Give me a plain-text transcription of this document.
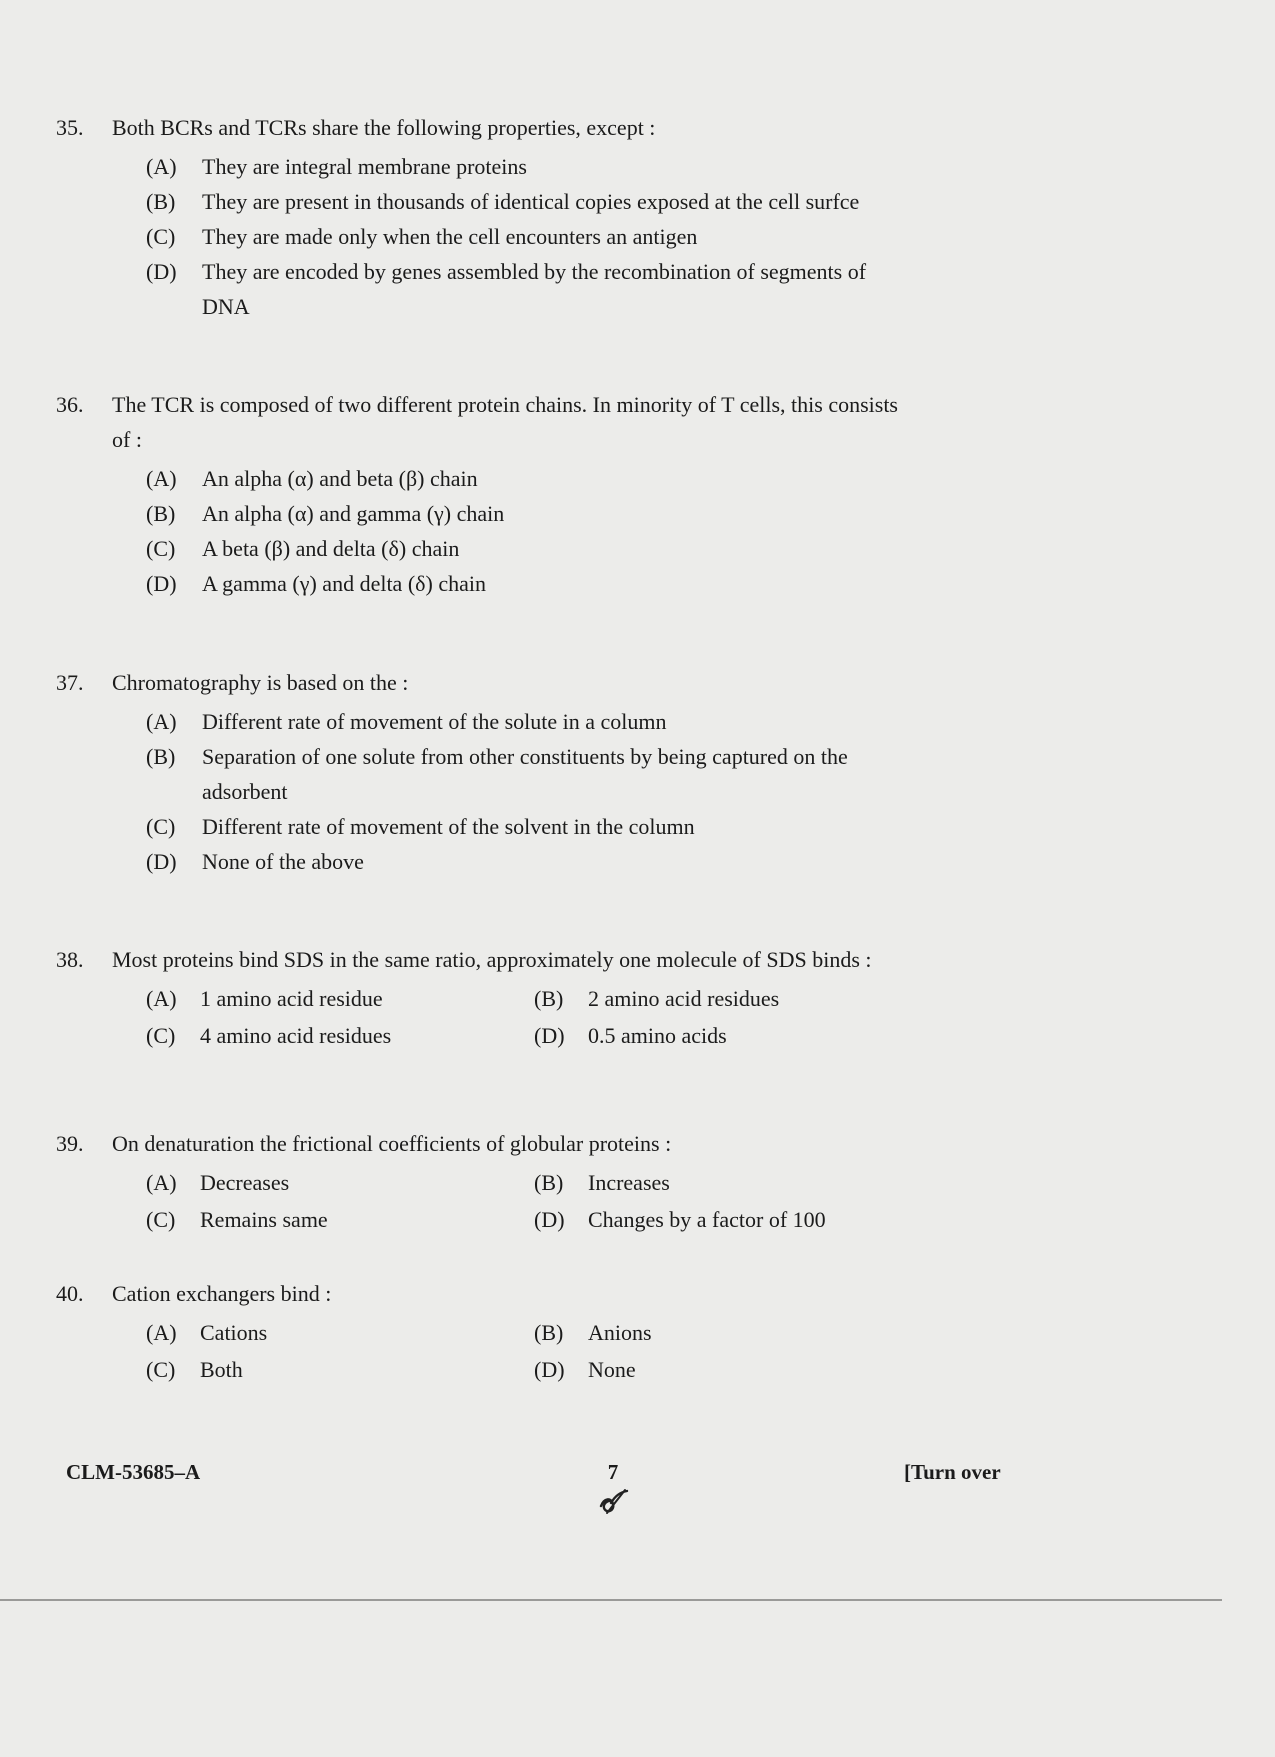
35. Both BCRs and TCRs share the following properties, except :
(A) They are integral membrane proteins
(B) They are present in thousands of identical copies exposed at the cell surfce
(C) They are made only when the cell encounters an antigen
(D) They are encoded by genes assembled by the recombination of segments of DNA
36. The TCR is composed of two different protein chains. In minority of T cells, this consists of :
(A) An alpha (α) and beta (β) chain
(B) An alpha (α) and gamma (γ) chain
(C) A beta (β) and delta (δ) chain
(D) A gamma (γ) and delta (δ) chain
37. Chromatography is based on the :
(A) Different rate of movement of the solute in a column
(B) Separation of one solute from other constituents by being captured on the adsorbent
(C) Different rate of movement of the solvent in the column
(D) None of the above
38. Most proteins bind SDS in the same ratio, approximately one molecule of SDS binds :
(A) 1 amino acid residue	(B) 2 amino acid residues
(C) 4 amino acid residues	(D) 0.5 amino acids
39. On denaturation the frictional coefficients of globular proteins :
(A) Decreases	(B) Increases
(C) Remains same	(D) Changes by a factor of 100
40. Cation exchangers bind :
(A) Cations	(B) Anions
(C) Both	(D) None
CLM-53685–A	7	[Turn over
